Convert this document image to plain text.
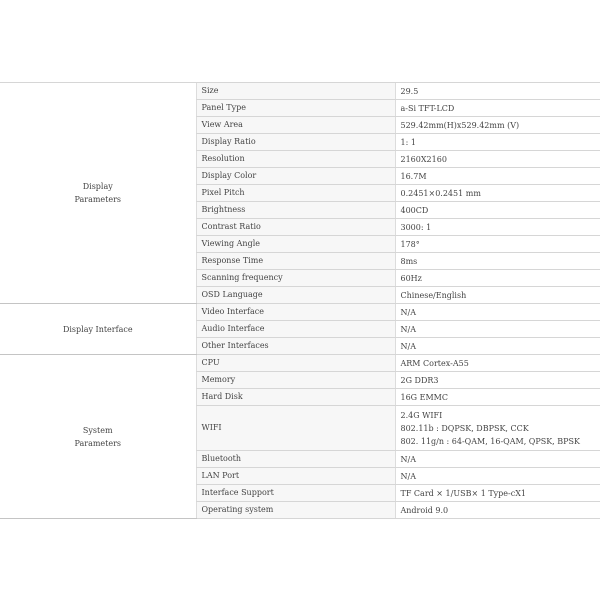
Display
Parameters	Size	29.5

	Panel Type	a-Si TFT-LCD

	View Area	529.42mm(H)x529.42mm (V)

	Display Ratio	1: 1

	Resolution	2160X2160

	Display Color	16.7M

	Pixel Pitch	0.2451×0.2451 mm

	Brightness	400CD

	Contrast Ratio	3000: 1

	Viewing Angle	178°

	Response Time	8ms

	Scanning frequency	60Hz

	OSD Language	Chinese/English

Display Interface	Video Interface	N/A

	Audio Interface	N/A

	Other Interfaces	N/A

System
Parameters	CPU	ARM Cortex-A55

	Memory	2G DDR3

	Hard Disk	16G EMMC

	WIFI	2.4G WIFI
802.11b : DQPSK, DBPSK, CCK
802. 11g/n : 64-QAM, 16-QAM, QPSK, BPSK

	Bluetooth	N/A

	LAN Port	N/A

	Interface Support	TF Card × 1/USB× 1 Type-cX1

	Operating system	Android 9.0
